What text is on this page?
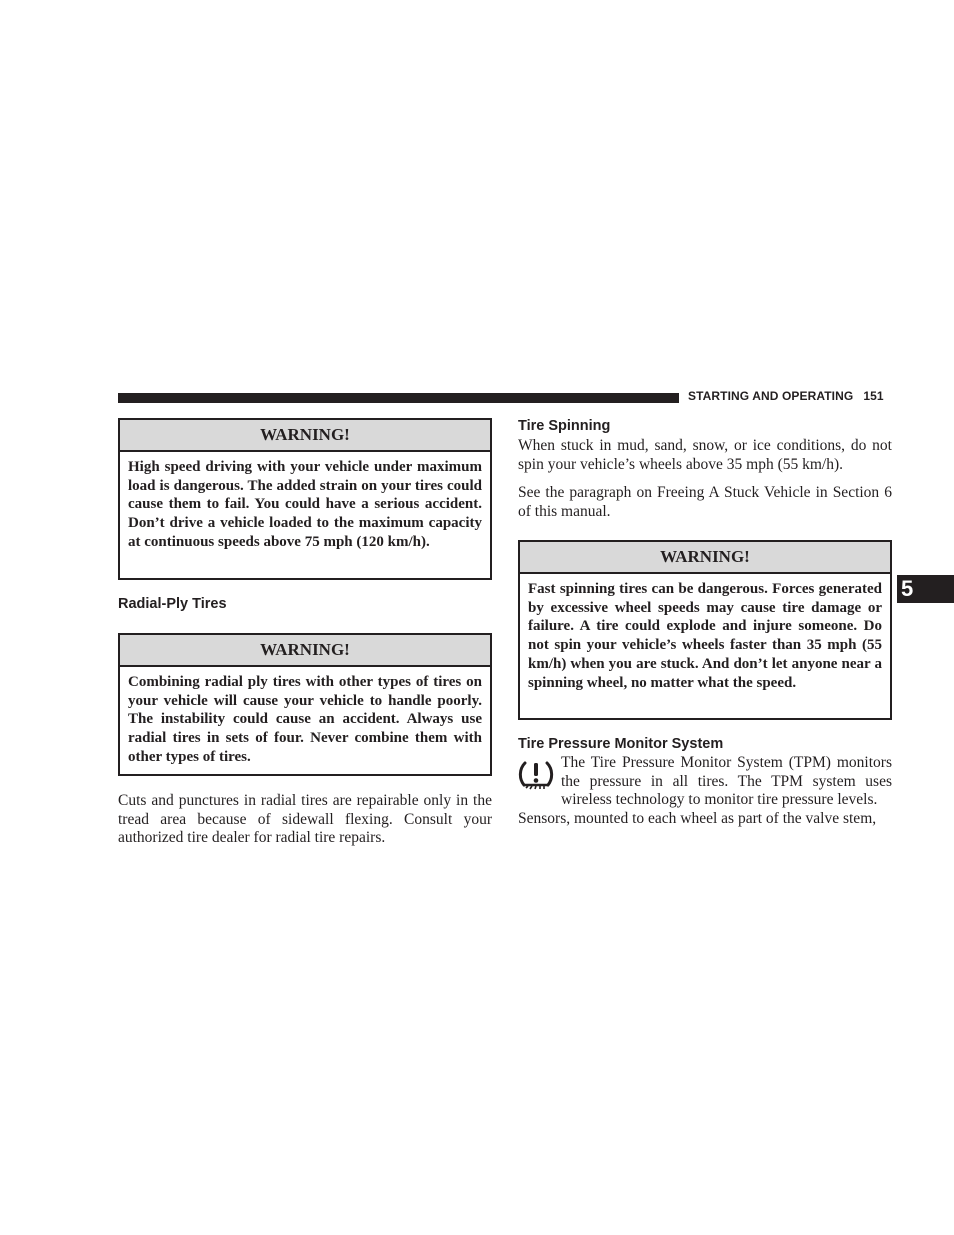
STARTING AND OPERATING 151
5
WARNING!
High speed driving with your vehicle under maximum load is dangerous. The added strain on your tires could cause them to fail. You could have a serious accident. Don’t drive a vehicle loaded to the maximum capacity at continuous speeds above 75 mph (120 km/h).
Radial-Ply Tires
WARNING!
Combining radial ply tires with other types of tires on your vehicle will cause your vehicle to handle poorly. The instability could cause an accident. Always use radial tires in sets of four. Never combine them with other types of tires.
Cuts and punctures in radial tires are repairable only in the tread area because of sidewall flexing. Consult your authorized tire dealer for radial tire repairs.
Tire Spinning
When stuck in mud, sand, snow, or ice conditions, do not spin your vehicle’s wheels above 35 mph (55 km/h).
See the paragraph on Freeing A Stuck Vehicle in Section 6 of this manual.
WARNING!
Fast spinning tires can be dangerous. Forces generated by excessive wheel speeds may cause tire damage or failure. A tire could explode and injure someone. Do not spin your vehicle’s wheels faster than 35 mph (55 km/h) when you are stuck. And don’t let anyone near a spinning wheel, no matter what the speed.
Tire Pressure Monitor System
The Tire Pressure Monitor System (TPM) monitors the pressure in all tires. The TPM system uses wireless technology to monitor tire pressure levels.
Sensors, mounted to each wheel as part of the valve stem,
